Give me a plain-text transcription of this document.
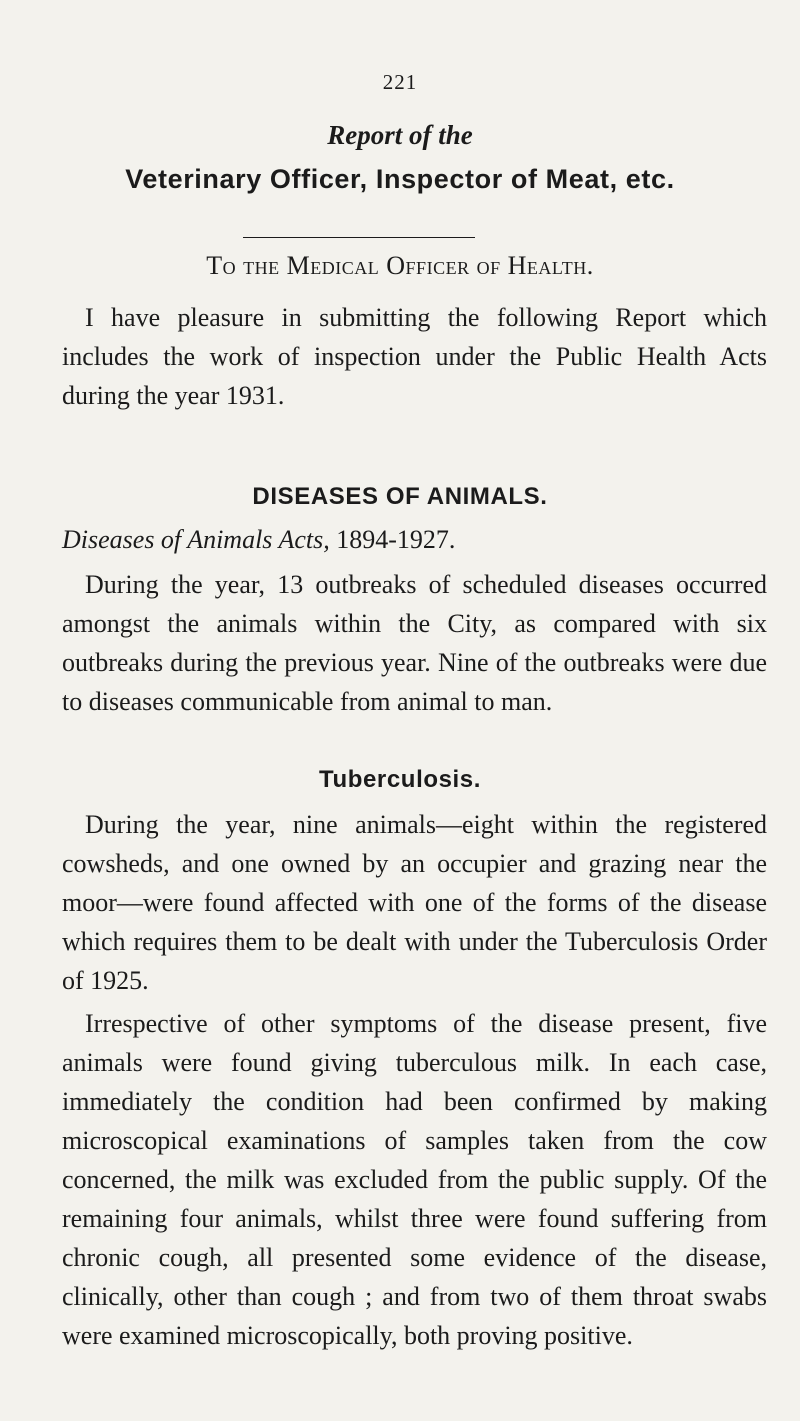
221
Report of the
Veterinary Officer, Inspector of Meat, etc.
To the Medical Officer of Health.

I have pleasure in submitting the following Report which includes the work of inspection under the Public Health Acts during the year 1931.

DISEASES OF ANIMALS.
Diseases of Animals Acts, 1894-1927.

During the year, 13 outbreaks of scheduled diseases occurred amongst the animals within the City, as compared with six outbreaks during the previous year. Nine of the outbreaks were due to diseases communicable from animal to man.

Tuberculosis.

During the year, nine animals—eight within the registered cowsheds, and one owned by an occupier and grazing near the moor—were found affected with one of the forms of the disease which requires them to be dealt with under the Tuberculosis Order of 1925.

Irrespective of other symptoms of the disease present, five animals were found giving tuberculous milk. In each case, immediately the condition had been confirmed by making microscopical examinations of samples taken from the cow concerned, the milk was excluded from the public supply. Of the remaining four animals, whilst three were found suffering from chronic cough, all presented some evidence of the disease, clinically, other than cough ; and from two of them throat swabs were examined microscopically, both proving positive.
